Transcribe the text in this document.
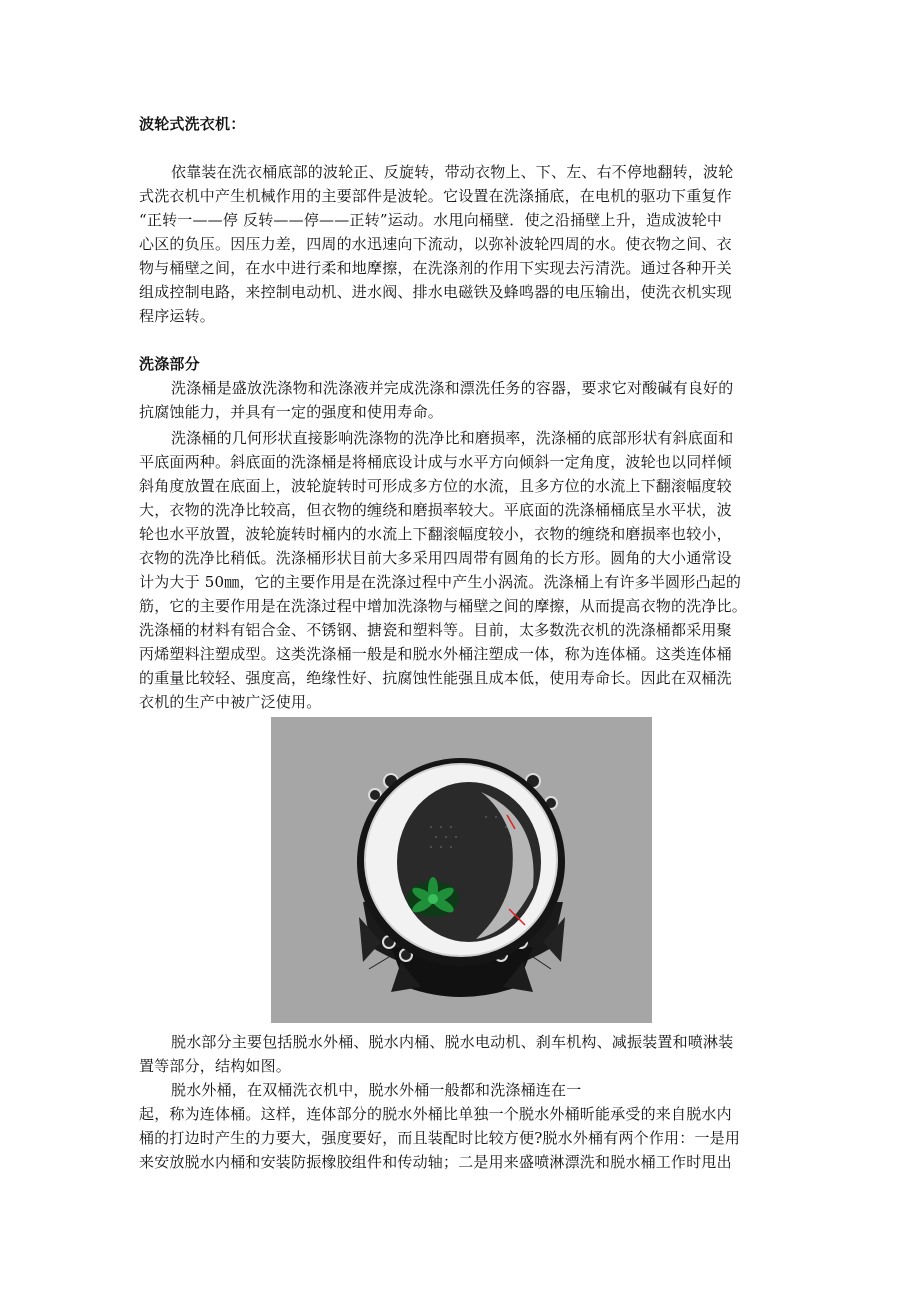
波轮式洗衣机：
依靠装在洗衣桶底部的波轮正、反旋转，带动衣物上、下、左、右不停地翻转，波轮
式洗衣机中产生机械作用的主要部件是波轮。它设置在洗涤捅底，在电机的驱功下重复作
“正转一——停 反转——停——正转”运动。水甩向桶壁．使之沿捅壁上升，造成波轮中
心区的负压。因压力差，四周的水迅速向下流动，以弥补波轮四周的水。使衣物之间、衣
物与桶壁之间，在水中进行柔和地摩擦，在洗涤剂的作用下实现去污清洗。通过各种开关
组成控制电路，来控制电动机、进水阀、排水电磁铁及蜂鸣器的电压输出，使洗衣机实现
程序运转。
洗涤部分
洗涤桶是盛放洗涤物和洗涤液并完成洗涤和漂洗任务的容器，要求它对酸碱有良好的
抗腐蚀能力，并具有一定的强度和使用寿命。
洗涤桶的几何形状直接影响洗涤物的洗净比和磨损率，洗涤桶的底部形状有斜底面和
平底面两种。斜底面的洗涤桶是将桶底设计成与水平方向倾斜一定角度，波轮也以同样倾
斜角度放置在底面上，波轮旋转时可形成多方位的水流，且多方位的水流上下翻滚幅度较
大，衣物的洗净比较高，但衣物的缠绕和磨损率较大。平底面的洗涤桶桶底呈水平状，波
轮也水平放置，波轮旋转时桶内的水流上下翻滚幅度较小，衣物的缠绕和磨损率也较小，
衣物的洗净比稍低。洗涤桶形状目前大多采用四周带有圆角的长方形。圆角的大小通常设
计为大于 50㎜，它的主要作用是在洗涤过程中产生小涡流。洗涤桶上有许多半圆形凸起的
筋，它的主要作用是在洗涤过程中增加洗涤物与桶壁之间的摩擦，从而提高衣物的洗净比。
洗涤桶的材料有铝合金、不锈钢、搪瓷和塑料等。目前，太多数洗衣机的洗涤桶都采用聚
丙烯塑料注塑成型。这类洗涤桶一般是和脱水外桶注塑成一体，称为连体桶。这类连体桶
的重量比较轻、强度高，绝缘性好、抗腐蚀性能强且成本低，使用寿命长。因此在双桶洗
衣机的生产中被广泛使用。
脱水部分主要包括脱水外桶、脱水内桶、脱水电动机、刹车机构、减振装置和喷淋装
置等部分，结构如图。
脱水外桶，在双桶洗衣机中，脱水外桶一般都和洗涤桶连在一
起，称为连体桶。这样，连体部分的脱水外桶比单独一个脱水外桶昕能承受的来自脱水内
桶的打边时产生的力要大，强度要好，而且装配时比较方便?脱水外桶有两个作用：一是用
来安放脱水内桶和安装防振橡胶组件和传动轴；二是用来盛喷淋漂洗和脱水桶工作时甩出
